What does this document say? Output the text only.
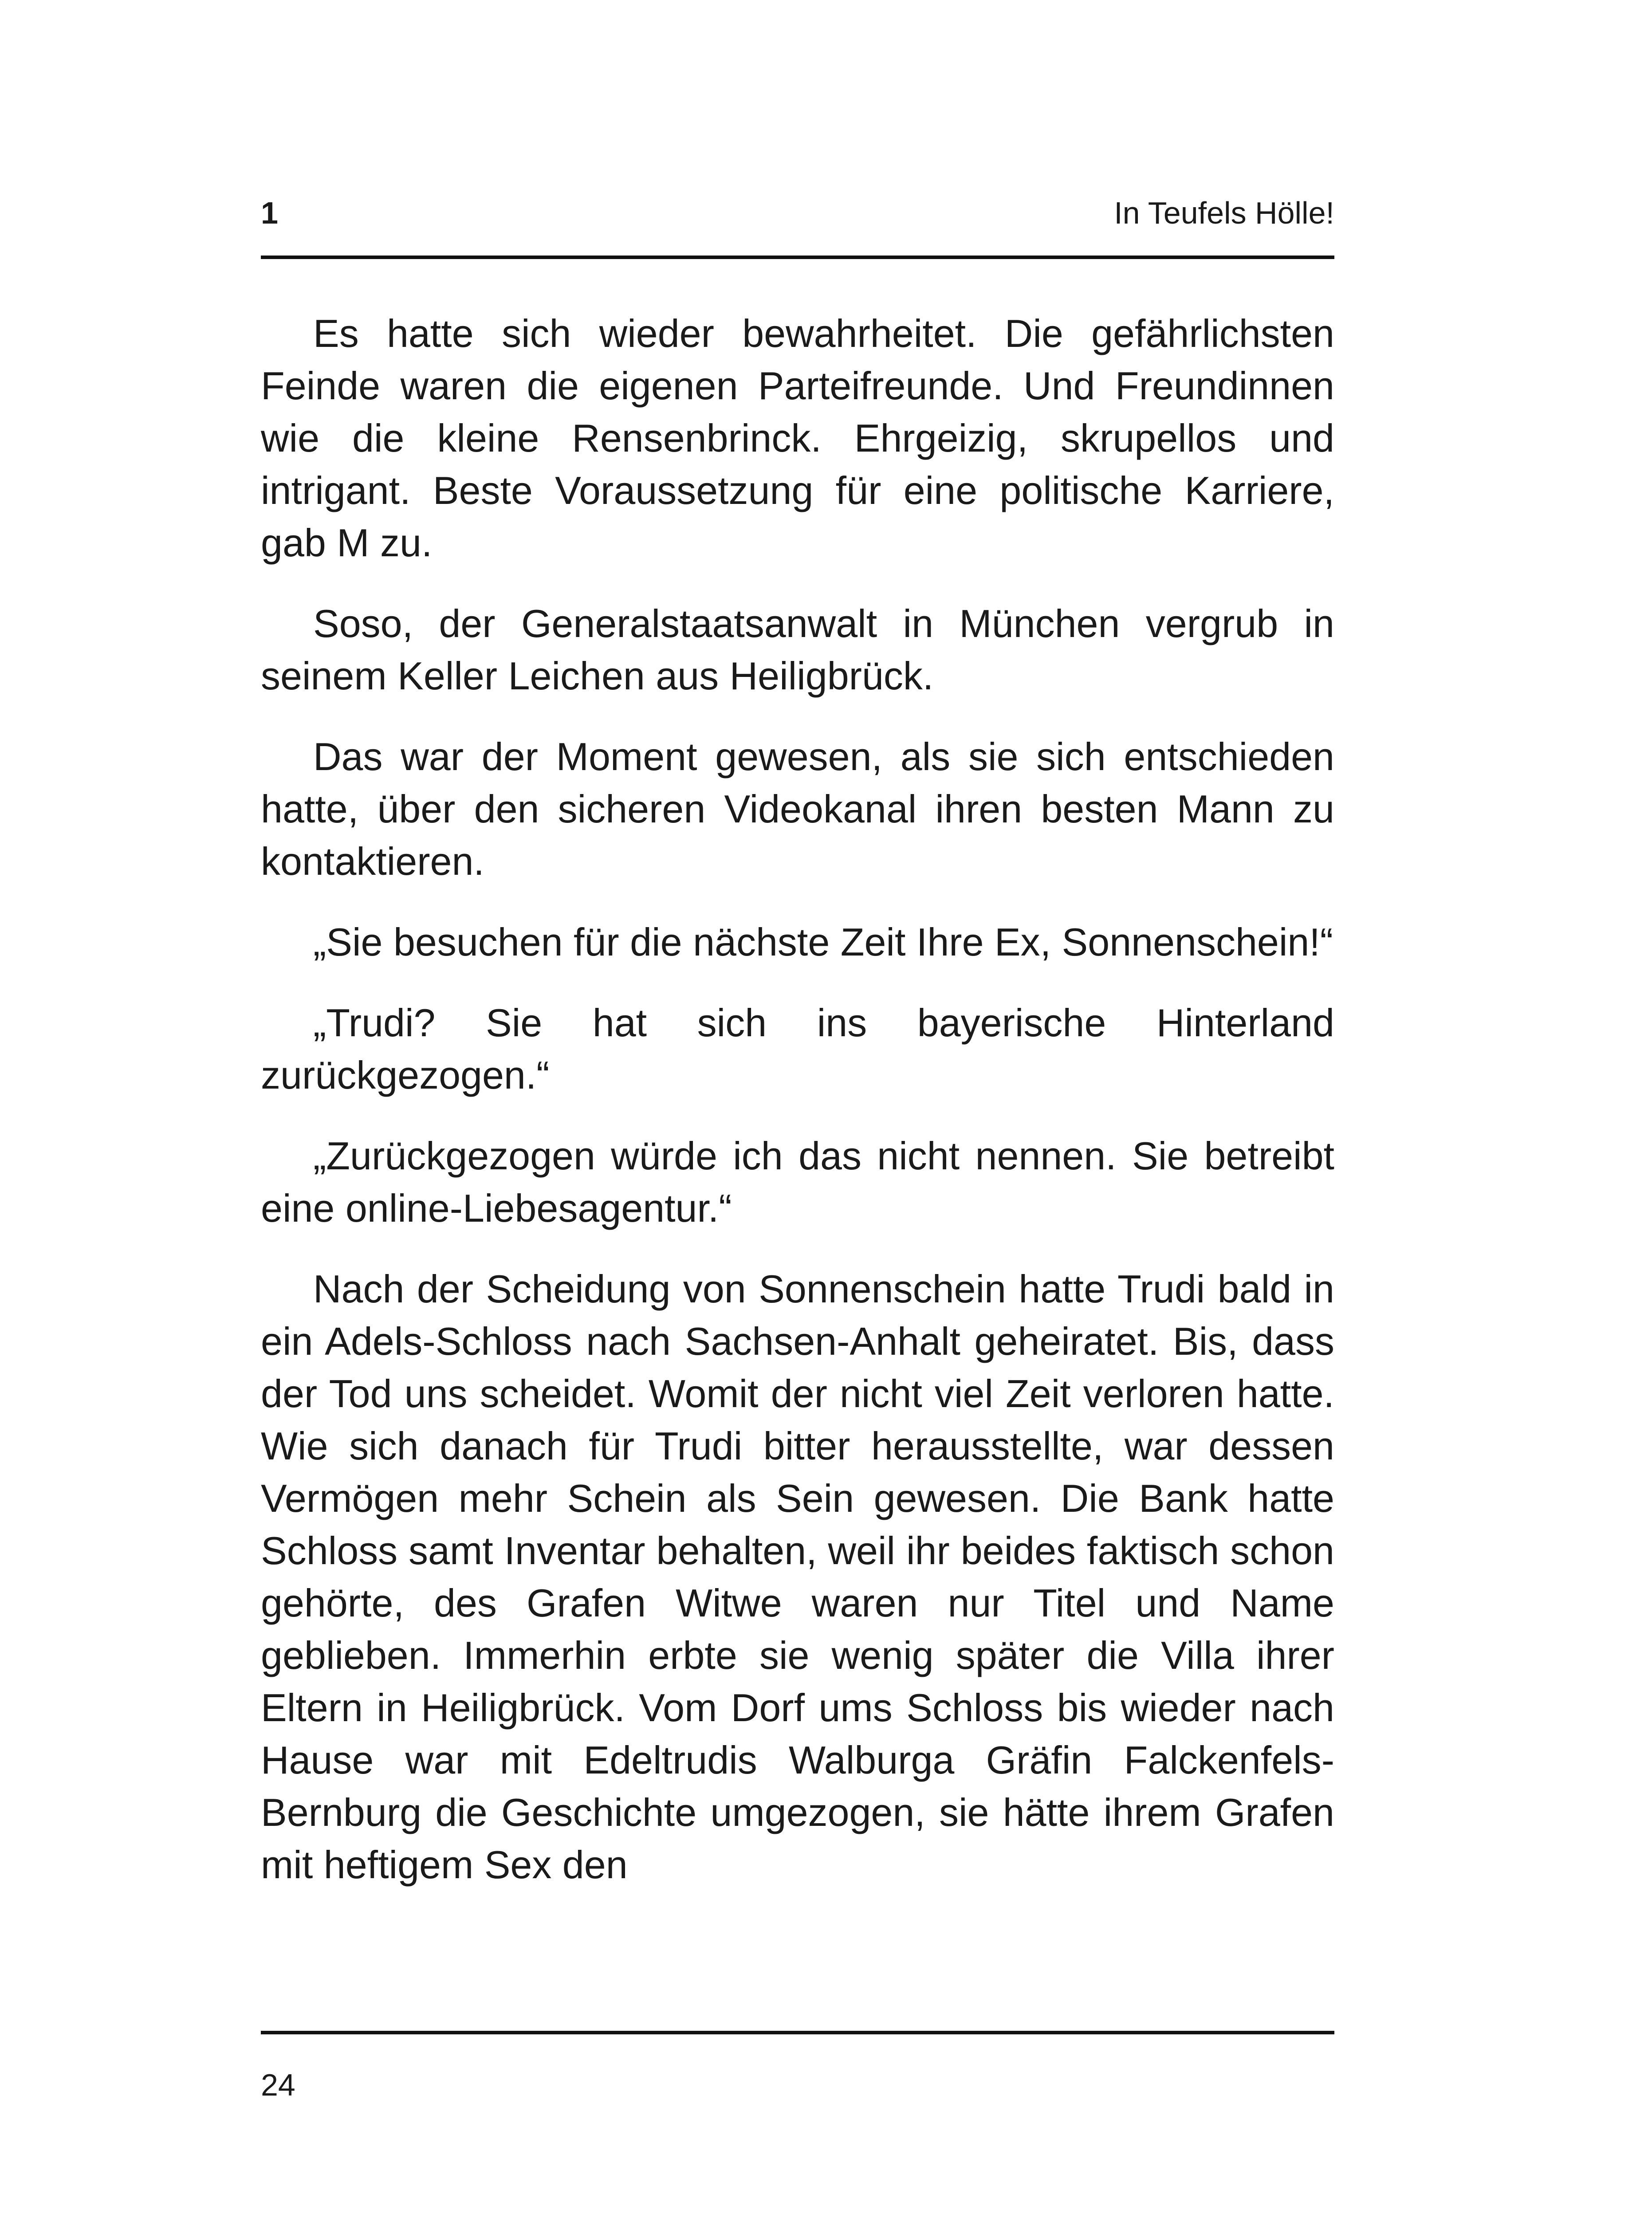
1	In Teufels Hölle!

Es hatte sich wieder bewahrheitet. Die gefährlichsten Feinde waren die eigenen Parteifreunde. Und Freundinnen wie die kleine Rensenbrinck. Ehrgeizig, skrupellos und intrigant. Beste Voraussetzung für eine politische Karriere, gab M zu.

Soso, der Generalstaatsanwalt in München vergrub in seinem Keller Leichen aus Heiligbrück.

Das war der Moment gewesen, als sie sich entschieden hatte, über den sicheren Videokanal ihren besten Mann zu kontaktieren.

„Sie besuchen für die nächste Zeit Ihre Ex, Sonnenschein!“

„Trudi? Sie hat sich ins bayerische Hinterland zurückgezogen.“

„Zurückgezogen würde ich das nicht nennen. Sie betreibt eine online-Liebesagentur.“

Nach der Scheidung von Sonnenschein hatte Trudi bald in ein Adels-Schloss nach Sachsen-Anhalt geheiratet. Bis, dass der Tod uns scheidet. Womit der nicht viel Zeit verloren hatte. Wie sich danach für Trudi bitter herausstellte, war dessen Vermögen mehr Schein als Sein gewesen. Die Bank hatte Schloss samt Inventar behalten, weil ihr beides faktisch schon gehörte, des Grafen Witwe waren nur Titel und Name geblieben. Immerhin erbte sie wenig später die Villa ihrer Eltern in Heiligbrück. Vom Dorf ums Schloss bis wieder nach Hause war mit Edeltrudis Walburga Gräfin Falckenfels-Bernburg die Geschichte umgezogen, sie hätte ihrem Grafen mit heftigem Sex den

24
